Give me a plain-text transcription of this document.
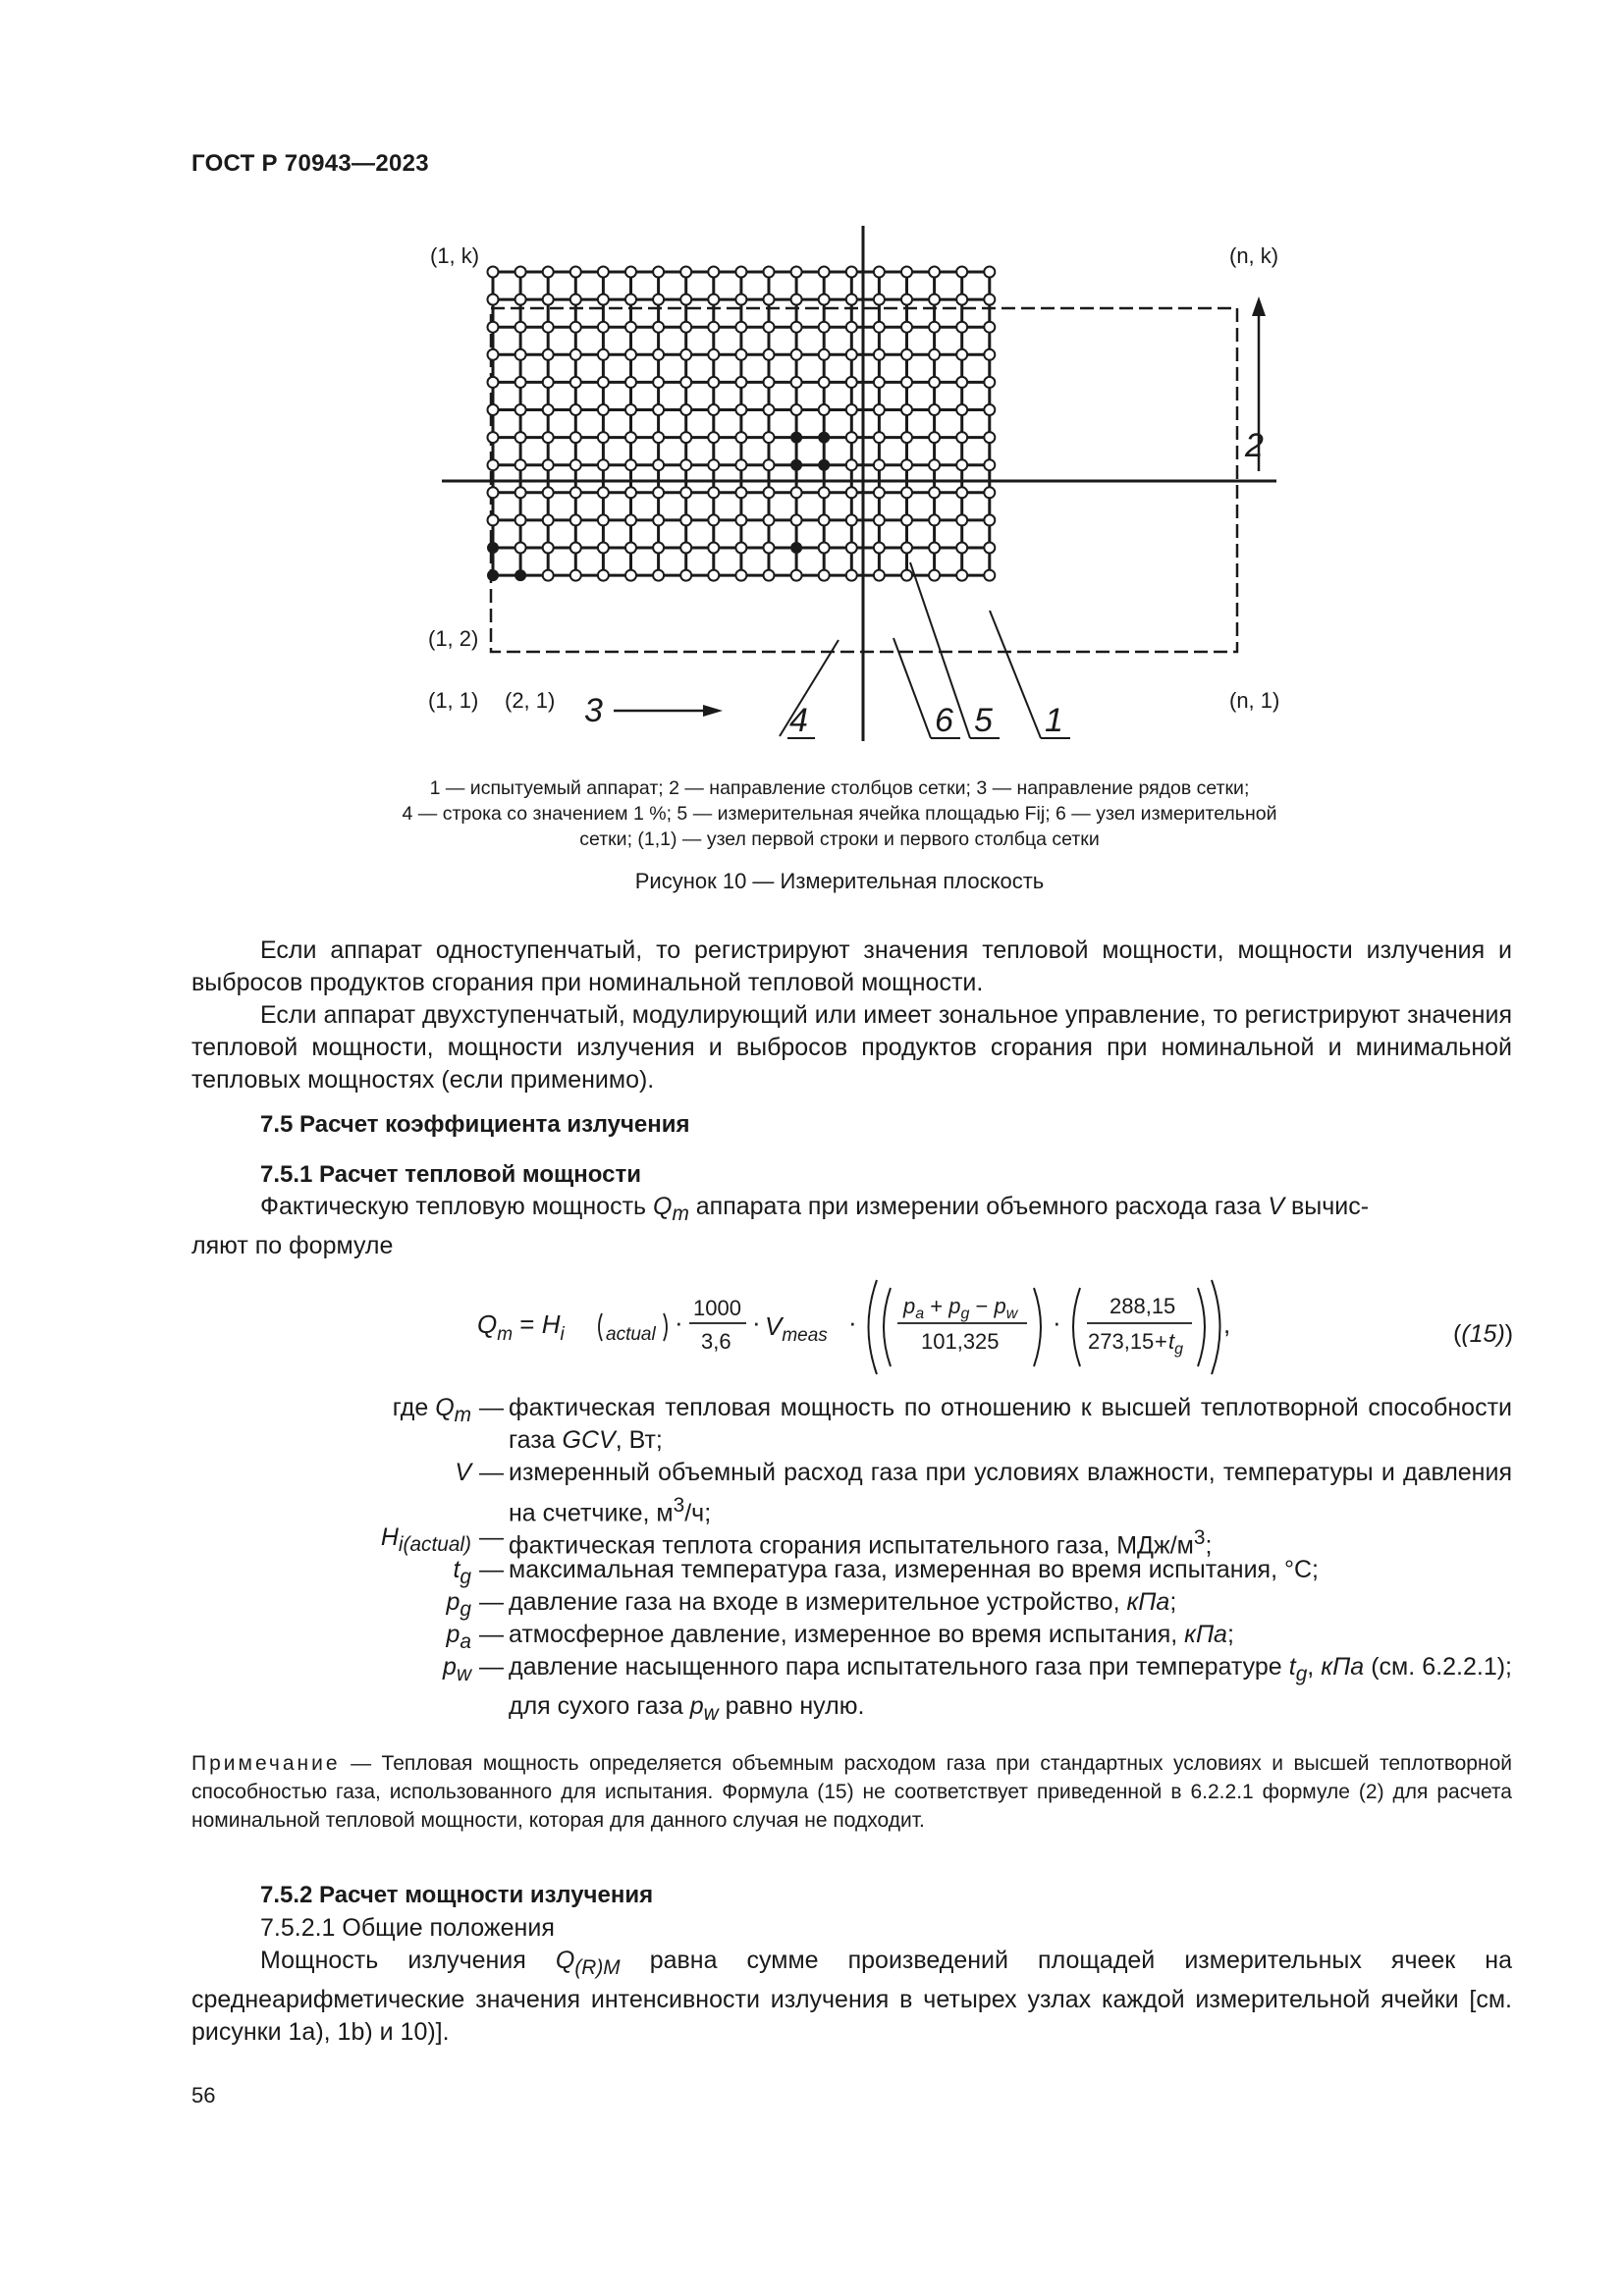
ГОСТ Р 70943—2023
(1, k)	(n, k)
(1, 2)
(1, 1) (2, 1)	(n, 1)
2
3	4	6 5 1
1 — испытуемый аппарат; 2 — направление столбцов сетки; 3 — направление рядов сетки;
4 — строка со значением 1 %; 5 — измерительная ячейка площадью Fij; 6 — узел измерительной
сетки; (1,1) — узел первой строки и первого столбца сетки
Рисунок 10 — Измерительная плоскость
Если аппарат одноступенчатый, то регистрируют значения тепловой мощности, мощности излучения и выбросов продуктов сгорания при номинальной тепловой мощности.
Если аппарат двухступенчатый, модулирующий или имеет зональное управление, то регистрируют значения тепловой мощности, мощности излучения и выбросов продуктов сгорания при номинальной и минимальной тепловых мощностях (если применимо).
7.5 Расчет коэффициента излучения
7.5.1 Расчет тепловой мощности
Фактическую тепловую мощность $Q_m$ аппарата при измерении объемного расхода газа V вычис-
ляют по формуле
$Q_m = H_i$ actual · 1000
3,6
· $V_{meas}$ ·
$p_a + p_g - p_w$
101,325
·
288,15
$273,15 + t_g$
,	((15))
где $Q_m$ — фактическая тепловая мощность по отношению к высшей теплотворной способности газа GCV, Вт;
V — измеренный объемный расход газа при условиях влажности, температуры и давления на счетчике, $м^3/ч$;
$H_{i(actual)}$ — фактическая теплота сгорания испытательного газа, МДж/$м^3$;
$t_g$ — максимальная температура газа, измеренная во время испытания, °C;
$p_g$ — давление газа на входе в измерительное устройство, кПа;
$p_a$ — атмосферное давление, измеренное во время испытания, кПа;
$p_w$ — давление насыщенного пара испытательного газа при температуре $t_g$, кПа (см. 6.2.2.1); для сухого газа $p_w$ равно нулю.
Примечание — Тепловая мощность определяется объемным расходом газа при стандартных условиях и высшей теплотворной способностью газа, использованного для испытания. Формула (15) не соответствует приведенной в 6.2.2.1 формуле (2) для расчета номинальной тепловой мощности, которая для данного случая не подходит.
7.5.2 Расчет мощности излучения
7.5.2.1 Общие положения
Мощность излучения $Q_{(R)M}$ равна сумме произведений площадей измерительных ячеек на среднеарифметические значения интенсивности излучения в четырех узлах каждой измерительной ячейки [см. рисунки 1а), 1b) и 10)].
56
